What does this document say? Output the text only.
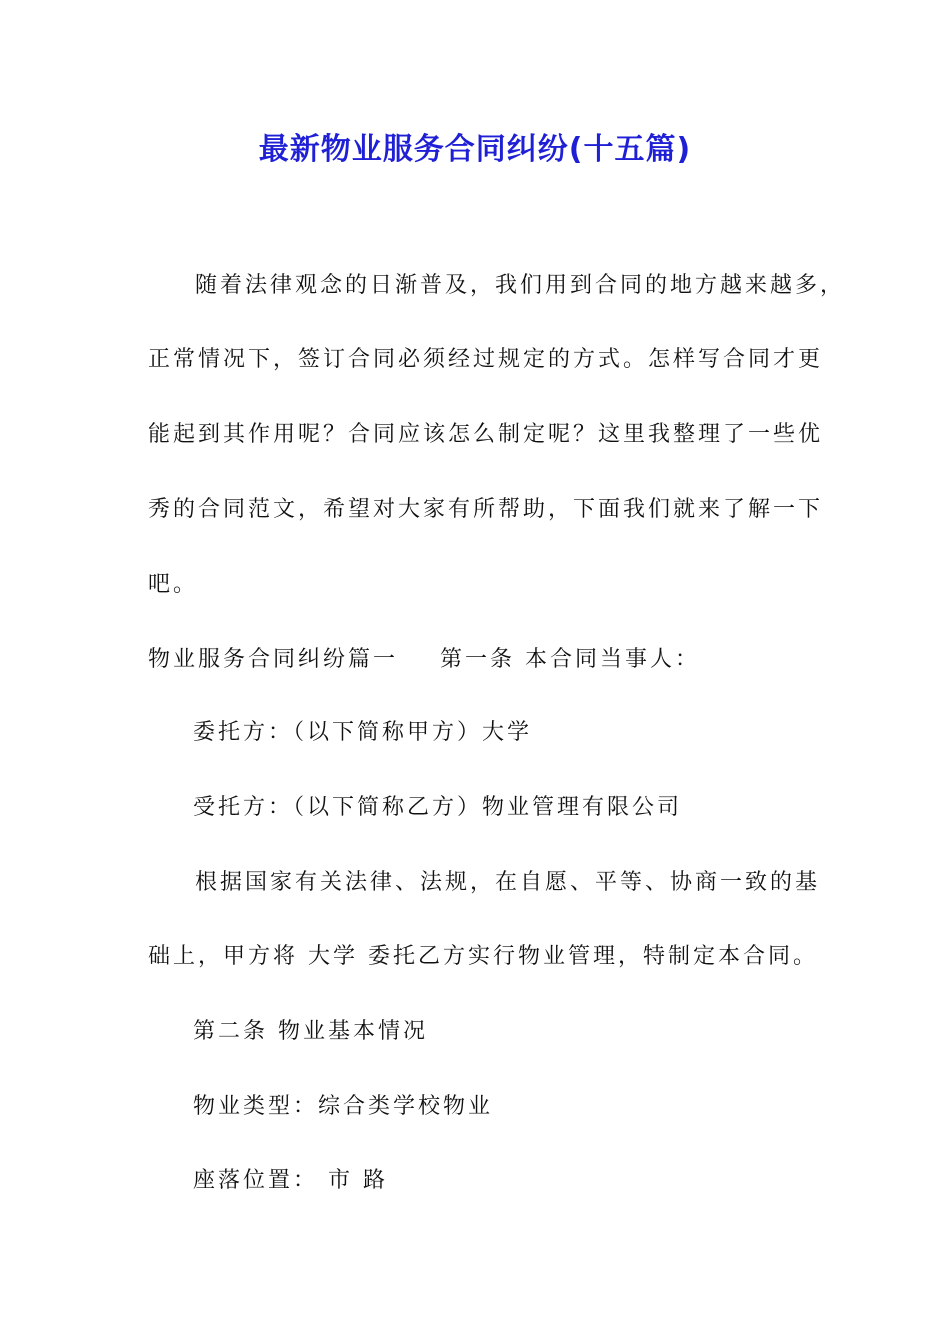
最新物业服务合同纠纷(十五篇)
随着法律观念的日渐普及，我们用到合同的地方越来越多，
正常情况下，签订合同必须经过规定的方式。怎样写合同才更
能起到其作用呢？合同应该怎么制定呢？这里我整理了一些优
秀的合同范文，希望对大家有所帮助，下面我们就来了解一下
吧。
物业服务合同纠纷篇一 第一条 本合同当事人：
委托方：（以下简称甲方）大学
受托方：（以下简称乙方）物业管理有限公司
根据国家有关法律、法规，在自愿、平等、协商一致的基
础上，甲方将 大学 委托乙方实行物业管理，特制定本合同。
第二条 物业基本情况
物业类型：综合类学校物业
座落位置： 市 路
